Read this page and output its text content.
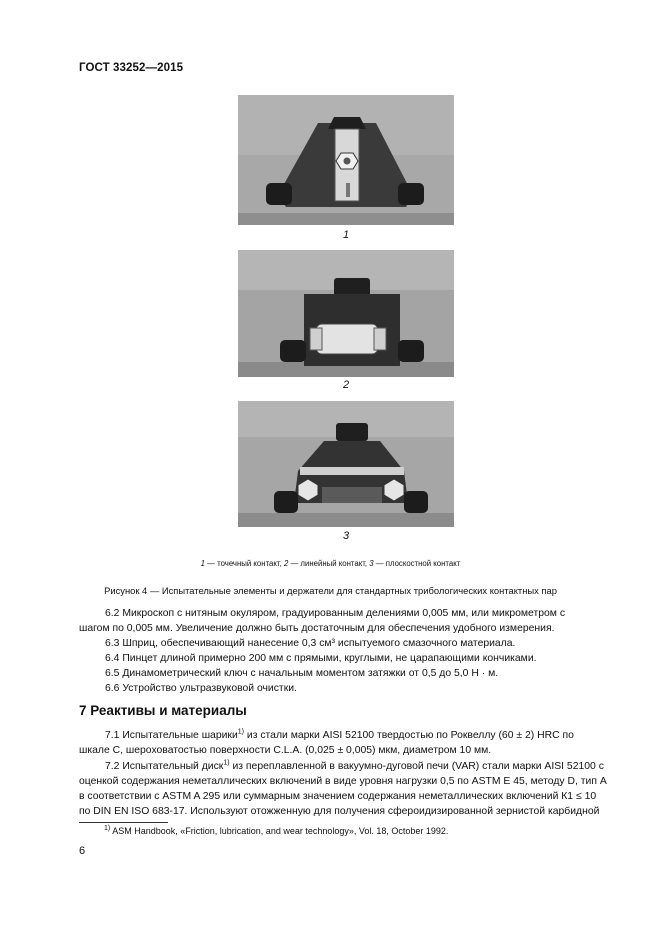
ГОСТ 33252—2015
1
2
3
1 — точечный контакт, 2 — линейный контакт, 3 — плоскостной контакт
Рисунок 4 — Испытательные элементы и держатели для стандартных трибологических контактных пар
6.2 Микроскоп с нитяным окуляром, градуированным делениями 0,005 мм, или микрометром с
шагом по 0,005 мм. Увеличение должно быть достаточным для обеспечения удобного измерения.
6.3 Шприц, обеспечивающий нанесение 0,3 см³ испытуемого смазочного материала.
6.4 Пинцет длиной примерно 200 мм с прямыми, круглыми, не царапающими кончиками.
6.5 Динамометрический ключ с начальным моментом затяжки от 0,5 до 5,0 Н · м.
6.6 Устройство ультразвуковой очистки.
7 Реактивы и материалы
7.1 Испытательные шарики$^{1)}$ из стали марки AISI 52100 твердостью по Роквеллу (60 ± 2) HRC по
шкале С, шероховатостью поверхности C.L.A. (0,025 ± 0,005) мкм, диаметром 10 мм.
7.2 Испытательный диск$^{1)}$ из переплавленной в вакуумно-дуговой печи (VAR) стали марки AISI 52100 с
оценкой содержания неметаллических включений в виде уровня нагрузки 0,5 по ASTM E 45, методу D, тип А
в соответствии с ASTM A 295 или суммарным значением содержания неметаллических включений К1 ≤ 10
по DIN EN ISO 683-17. Используют отожженную для получения сфероидизированной зернистой карбидной
$^{1)}$ ASM Handbook, «Friction, lubrication, and wear technology», Vol. 18, October 1992.
6
